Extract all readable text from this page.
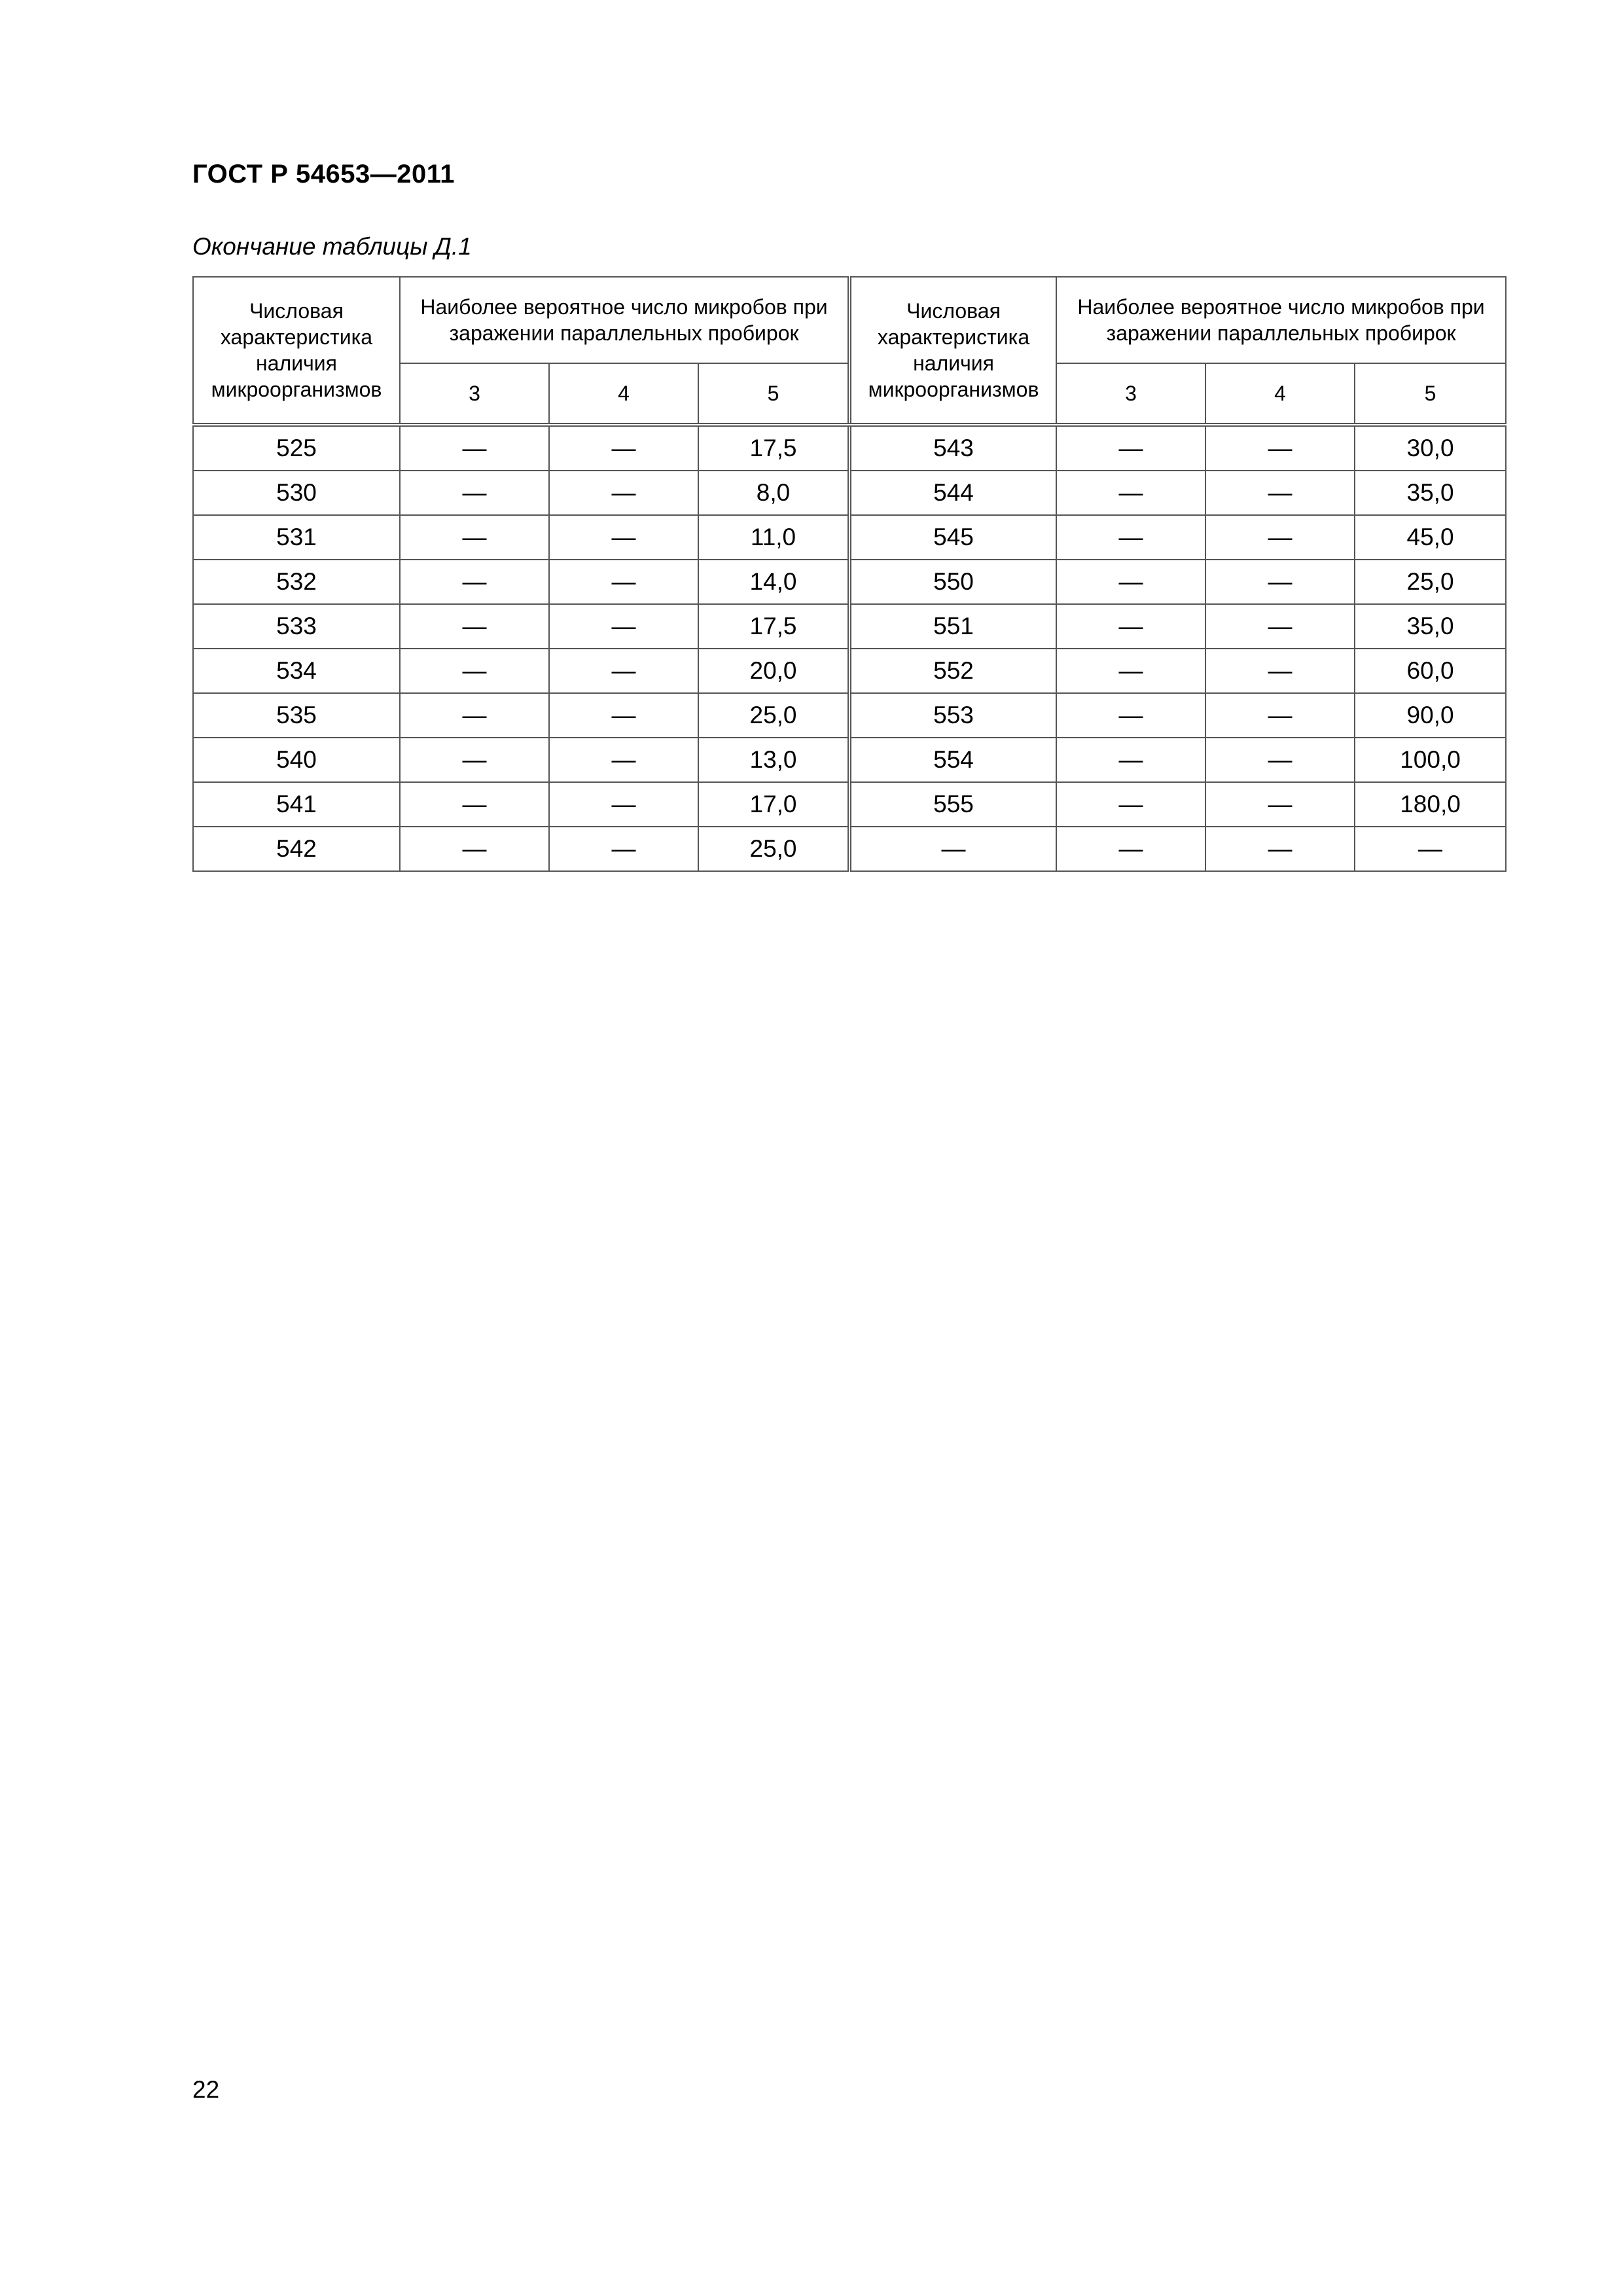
ГОСТ Р 54653—2011
Окончание таблицы Д.1
Числовая характеристика наличия микроорганизмов	Наиболее вероятное число микробов при заражении параллельных пробирок			Числовая характеристика наличия микроорганизмов	Наиболее вероятное число микробов при заражении параллельных пробирок		
	3	4	5		3	4	5
525	—	—	17,5	543	—	—	30,0
530	—	—	8,0	544	—	—	35,0
531	—	—	11,0	545	—	—	45,0
532	—	—	14,0	550	—	—	25,0
533	—	—	17,5	551	—	—	35,0
534	—	—	20,0	552	—	—	60,0
535	—	—	25,0	553	—	—	90,0
540	—	—	13,0	554	—	—	100,0
541	—	—	17,0	555	—	—	180,0
542	—	—	25,0	—	—	—	—
22
